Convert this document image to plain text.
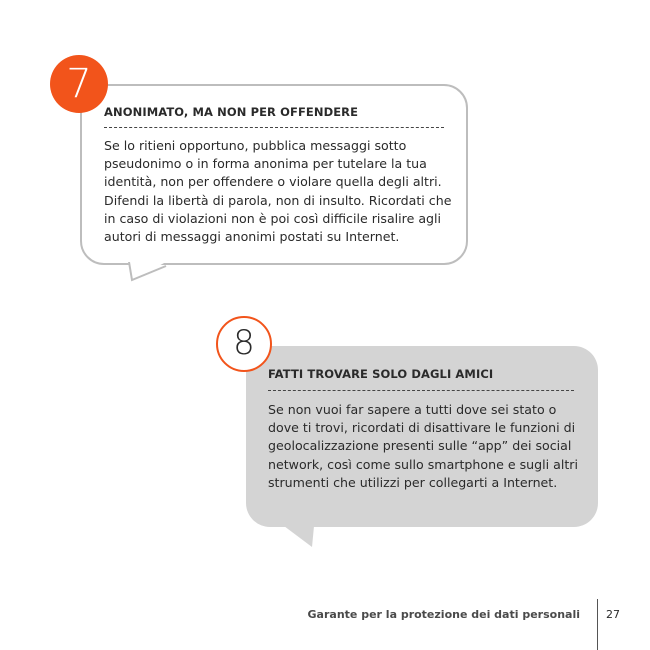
7
ANONIMATO, MA NON PER OFFENDERE
Se lo ritieni opportuno, pubblica messaggi sotto pseudonimo o in forma anonima per tutelare la tua identità, non per offendere o violare quella degli altri. Difendi la libertà di parola, non di insulto. Ricordati che in caso di violazioni non è poi così difficile risalire agli autori di messaggi anonimi postati su Internet.
8
FATTI TROVARE SOLO DAGLI AMICI
Se non vuoi far sapere a tutti dove sei stato o dove ti trovi, ricordati di disattivare le funzioni di geolocalizzazione presenti sulle “app” dei social network, così come sullo smartphone e sugli altri strumenti che utilizzi per collegarti a Internet.
Garante per la protezione dei dati personali 27
